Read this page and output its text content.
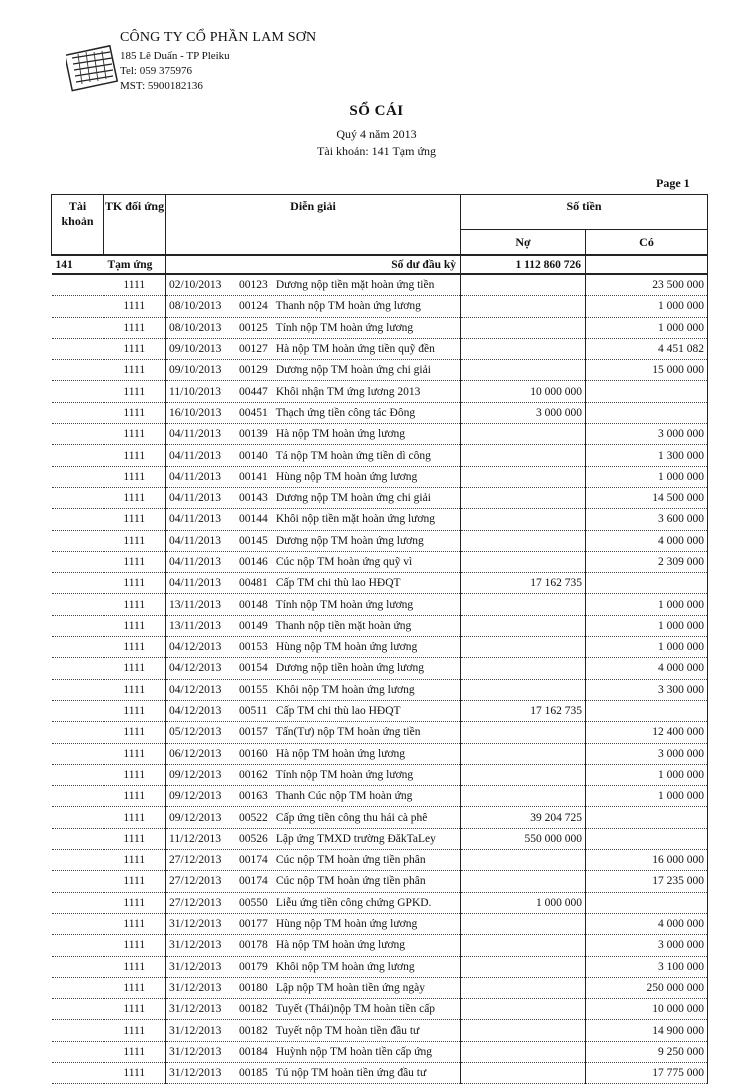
CÔNG TY CỔ PHẦN LAM SƠN
185 Lê Duẩn - TP Pleiku
Tel: 059 375976
MST: 5900182136
SỔ CÁI
Quý 4 năm 2013
Tài khoản: 141 Tạm ứng
Page 1
Tài khoản	TK đối ứng	Diễn giải	Số tiền	
			Nợ	Có
141	Tạm ứng	Số dư đầu kỳ	1 112 860 726	
	1111	02/10/2013 00123 Dương nộp tiền mặt hoàn ứng tiền		23 500 000
	1111	08/10/2013 00124 Thanh nộp TM hoàn ứng lương		1 000 000
	1111	08/10/2013 00125 Tính nộp TM hoàn ứng lương		1 000 000
	1111	09/10/2013 00127 Hà nộp TM hoàn ứng tiền quỹ đền		4 451 082
	1111	09/10/2013 00129 Dương nộp TM hoàn ứng chi giải		15 000 000
	1111	11/10/2013 00447 Khôi nhận TM ứng lương 2013	10 000 000	
	1111	16/10/2013 00451 Thạch ứng tiền công tác Đông	3 000 000	
	1111	04/11/2013 00139 Hà nộp TM hoàn ứng lương		3 000 000
	1111	04/11/2013 00140 Tá nộp TM hoàn ứng tiền dì công		1 300 000
	1111	04/11/2013 00141 Hùng nộp TM hoàn ứng lương		1 000 000
	1111	04/11/2013 00143 Dương nộp TM hoàn ứng chi giải		14 500 000
	1111	04/11/2013 00144 Khôi nộp tiền mặt hoàn ứng lương		3 600 000
	1111	04/11/2013 00145 Dương nộp TM hoàn ứng lương		4 000 000
	1111	04/11/2013 00146 Cúc nộp TM hoàn ứng quỹ vì		2 309 000
	1111	04/11/2013 00481 Cấp TM chi thù lao HĐQT	17 162 735	
	1111	13/11/2013 00148 Tính nộp TM hoàn ứng lương		1 000 000
	1111	13/11/2013 00149 Thanh nộp tiền mặt hoàn ứng		1 000 000
	1111	04/12/2013 00153 Hùng nộp TM hoàn ứng lương		1 000 000
	1111	04/12/2013 00154 Dương nộp tiền hoàn ứng lương		4 000 000
	1111	04/12/2013 00155 Khôi nộp TM hoàn ứng lương		3 300 000
	1111	04/12/2013 00511 Cấp TM chi thù lao HĐQT	17 162 735	
	1111	05/12/2013 00157 Tấn(Tư) nộp TM hoàn ứng tiền		12 400 000
	1111	06/12/2013 00160 Hà nộp TM hoàn ứng lương		3 000 000
	1111	09/12/2013 00162 Tính nộp TM hoàn ứng lương		1 000 000
	1111	09/12/2013 00163 Thanh Cúc nộp TM hoàn ứng		1 000 000
	1111	09/12/2013 00522 Cấp ứng tiền công thu hái cà phê	39 204 725	
	1111	11/12/2013 00526 Lập ứng TMXD trường ĐăkTaLey	550 000 000	
	1111	27/12/2013 00174 Cúc nộp TM hoàn ứng tiền phân		16 000 000
	1111	27/12/2013 00174 Cúc nộp TM hoàn ứng tiền phân		17 235 000
	1111	27/12/2013 00550 Liễu ứng tiền công chứng GPKD.	1 000 000	
	1111	31/12/2013 00177 Hùng nộp TM hoàn ứng lương		4 000 000
	1111	31/12/2013 00178 Hà nộp TM hoàn ứng lương		3 000 000
	1111	31/12/2013 00179 Khôi nộp TM hoàn ứng lương		3 100 000
	1111	31/12/2013 00180 Lập nộp TM hoàn tiền ứng ngày		250 000 000
	1111	31/12/2013 00182 Tuyết (Thái)nộp TM hoàn tiền cấp		10 000 000
	1111	31/12/2013 00182 Tuyết nộp TM hoàn tiền đầu tư		14 900 000
	1111	31/12/2013 00184 Huỳnh nộp TM hoàn tiền cấp ứng		9 250 000
	1111	31/12/2013 00185 Tú nộp TM hoàn tiền ứng đầu tư		17 775 000
